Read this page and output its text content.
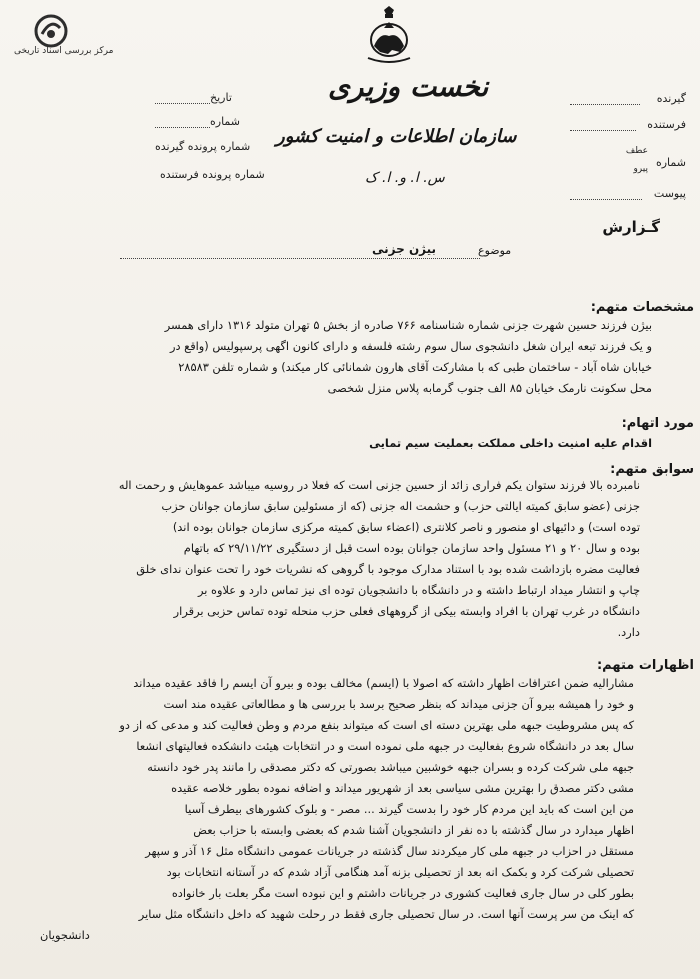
مرکز بررسی اسناد تاریخی
نخست وزیری
سازمان اطلاعات و امنیت کشور
س. ا. و. ا. ک
تاریخ
شماره
شماره پرونده گیرنده
شماره پرونده فرستنده
گیرنده
فرستنده
شماره
عطف
پیرو
پیوست
گـزارش
موضوع
بیژن جزنی
مشخصات متهم:
بیژن فرزند حسین شهرت جزنی شماره شناسنامه ۷۶۶ صادره از بخش ۵ تهران متولد ۱۳۱۶ دارای همسر
و یک فرزند تبعه ایران شغل دانشجوی سال سوم رشته فلسفه و دارای کانون اگهی پرسپولیس (واقع در
خیابان شاه آباد - ساختمان طبی که با مشارکت آقای هارون شمانائی کار میکند) و شماره تلفن ۲۸۵۸۳
محل سکونت نارمک خیابان ۸۵ الف جنوب گرمابه پلاس منزل شخصی
مورد اتهام:
اقدام علیه امنیت داخلی مملکت بعملیت سیم تمایی
سوابق متهم:
نامبرده بالا فرزند ستوان یکم فراری زائد از حسین جزنی است که فعلا در روسیه میباشد عموهایش و رحمت اله
جزنی (عضو سابق کمیته ایالتی حزب) و حشمت اله جزنی (که از مسئولین سابق سازمان جوانان حزب
توده است) و دائیهای او منصور و ناصر کلانتری (اعضاء سابق کمیته مرکزی سازمان جوانان بوده اند)
بوده و سال ۲۰ و ۲۱ مسئول واحد سازمان جوانان بوده است قبل از دستگیری ۲۹/۱۱/۲۲ که باتهام
فعالیت مضره بازداشت شده بود با استناد مدارک موجود با گروهی که نشریات خود را تحت عنوان ندای خلق
چاپ و انتشار میداد ارتباط داشته و در دانشگاه با دانشجویان توده ای نیز تماس دارد و علاوه بر
دانشگاه در غرب تهران با افراد وابسته بیکی از گروههای فعلی حزب منحله توده تماس حزبی برقرار
دارد.
اظهارات متهم:
مشارالیه ضمن اعترافات اظهار داشته که اصولا با (ایسم) مخالف بوده و بیرو آن ایسم را فاقد عقیده میداند
و خود را همیشه بیرو آن جزنی میداند که بنظر صحیح برسد با بررسی ها و مطالعاتی عقیده مند است
که پس مشروطیت جبهه ملی بهترین دسته ای است که میتواند بنفع مردم و وطن فعالیت کند و مدعی که از دو
سال بعد در دانشگاه شروع بفعالیت در جبهه ملی نموده است و در انتخابات هیئت دانشکده فعالیتهای انشعا
جبهه ملی شرکت کرده و بسران جبهه خوشبین میباشد بصورتی که دکتر مصدقی را مانند پدر خود دانسته
مشی دکتر مصدق را بهترین مشی سیاسی بعد از شهریور میداند و اضافه نموده بطور خلاصه عقیده
من این است که باید این مردم کار خود را بدست گیرند ... مصر - و بلوک کشورهای بیطرف آسیا
اظهار میدارد در سال گذشته با ده نفر از دانشجویان آشنا شدم که بعضی وابسته با حزاب بعض
مستقل در احزاب در جبهه ملی کار میکردند سال گذشته در جریانات عمومی دانشگاه مثل ۱۶ آذر و سپهر
تحصیلی شرکت کرد و بکمک انه بعد از تحصیلی بزنه آمد هنگامی آزاد شدم که در آستانه انتخابات بود
بطور کلی در سال جاری فعالیت کشوری در جریانات داشتم و این نبوده است مگر بعلت بار خانواده
که اینک من سر پرست آنها است. در سال تحصیلی جاری فقط در رحلت شهید که داخل دانشگاه مثل سایر
دانشجویان
